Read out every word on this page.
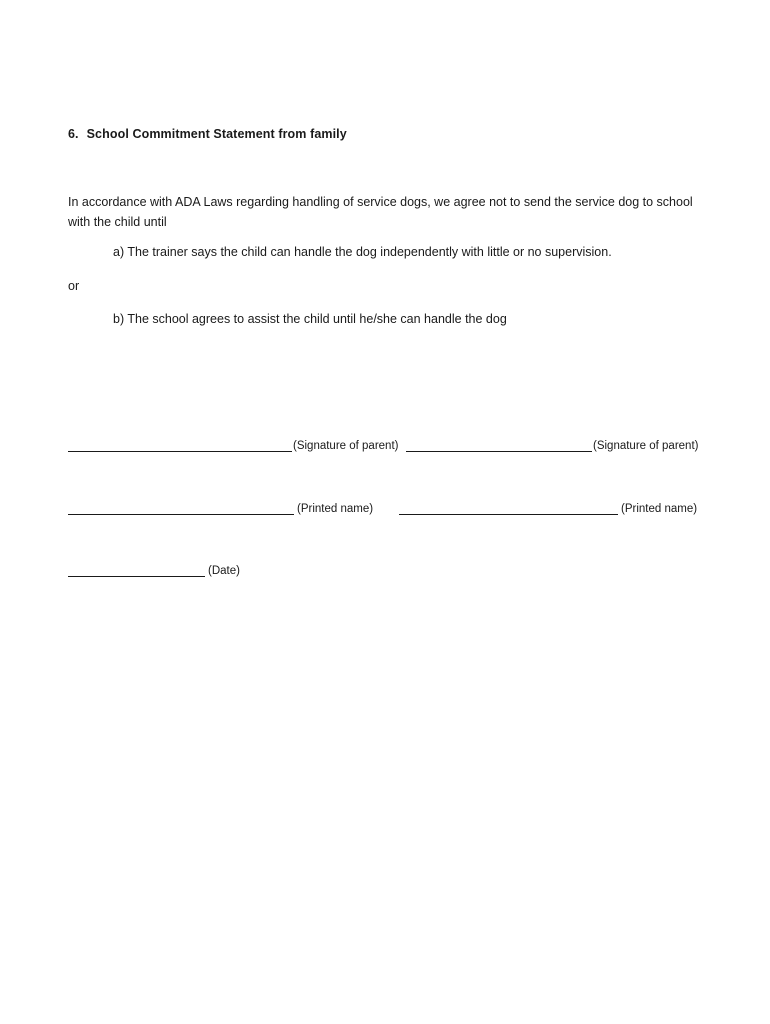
6. School Commitment Statement from family
In accordance with ADA Laws regarding handling of service dogs, we agree not to send the service dog to school
with the child until
a) The trainer says the child can handle the dog independently with little or no supervision.
or
b) The school agrees to assist the child until he/she can handle the dog
(Signature of parent)	(Signature of parent)
(Printed name)	(Printed name)
(Date)
